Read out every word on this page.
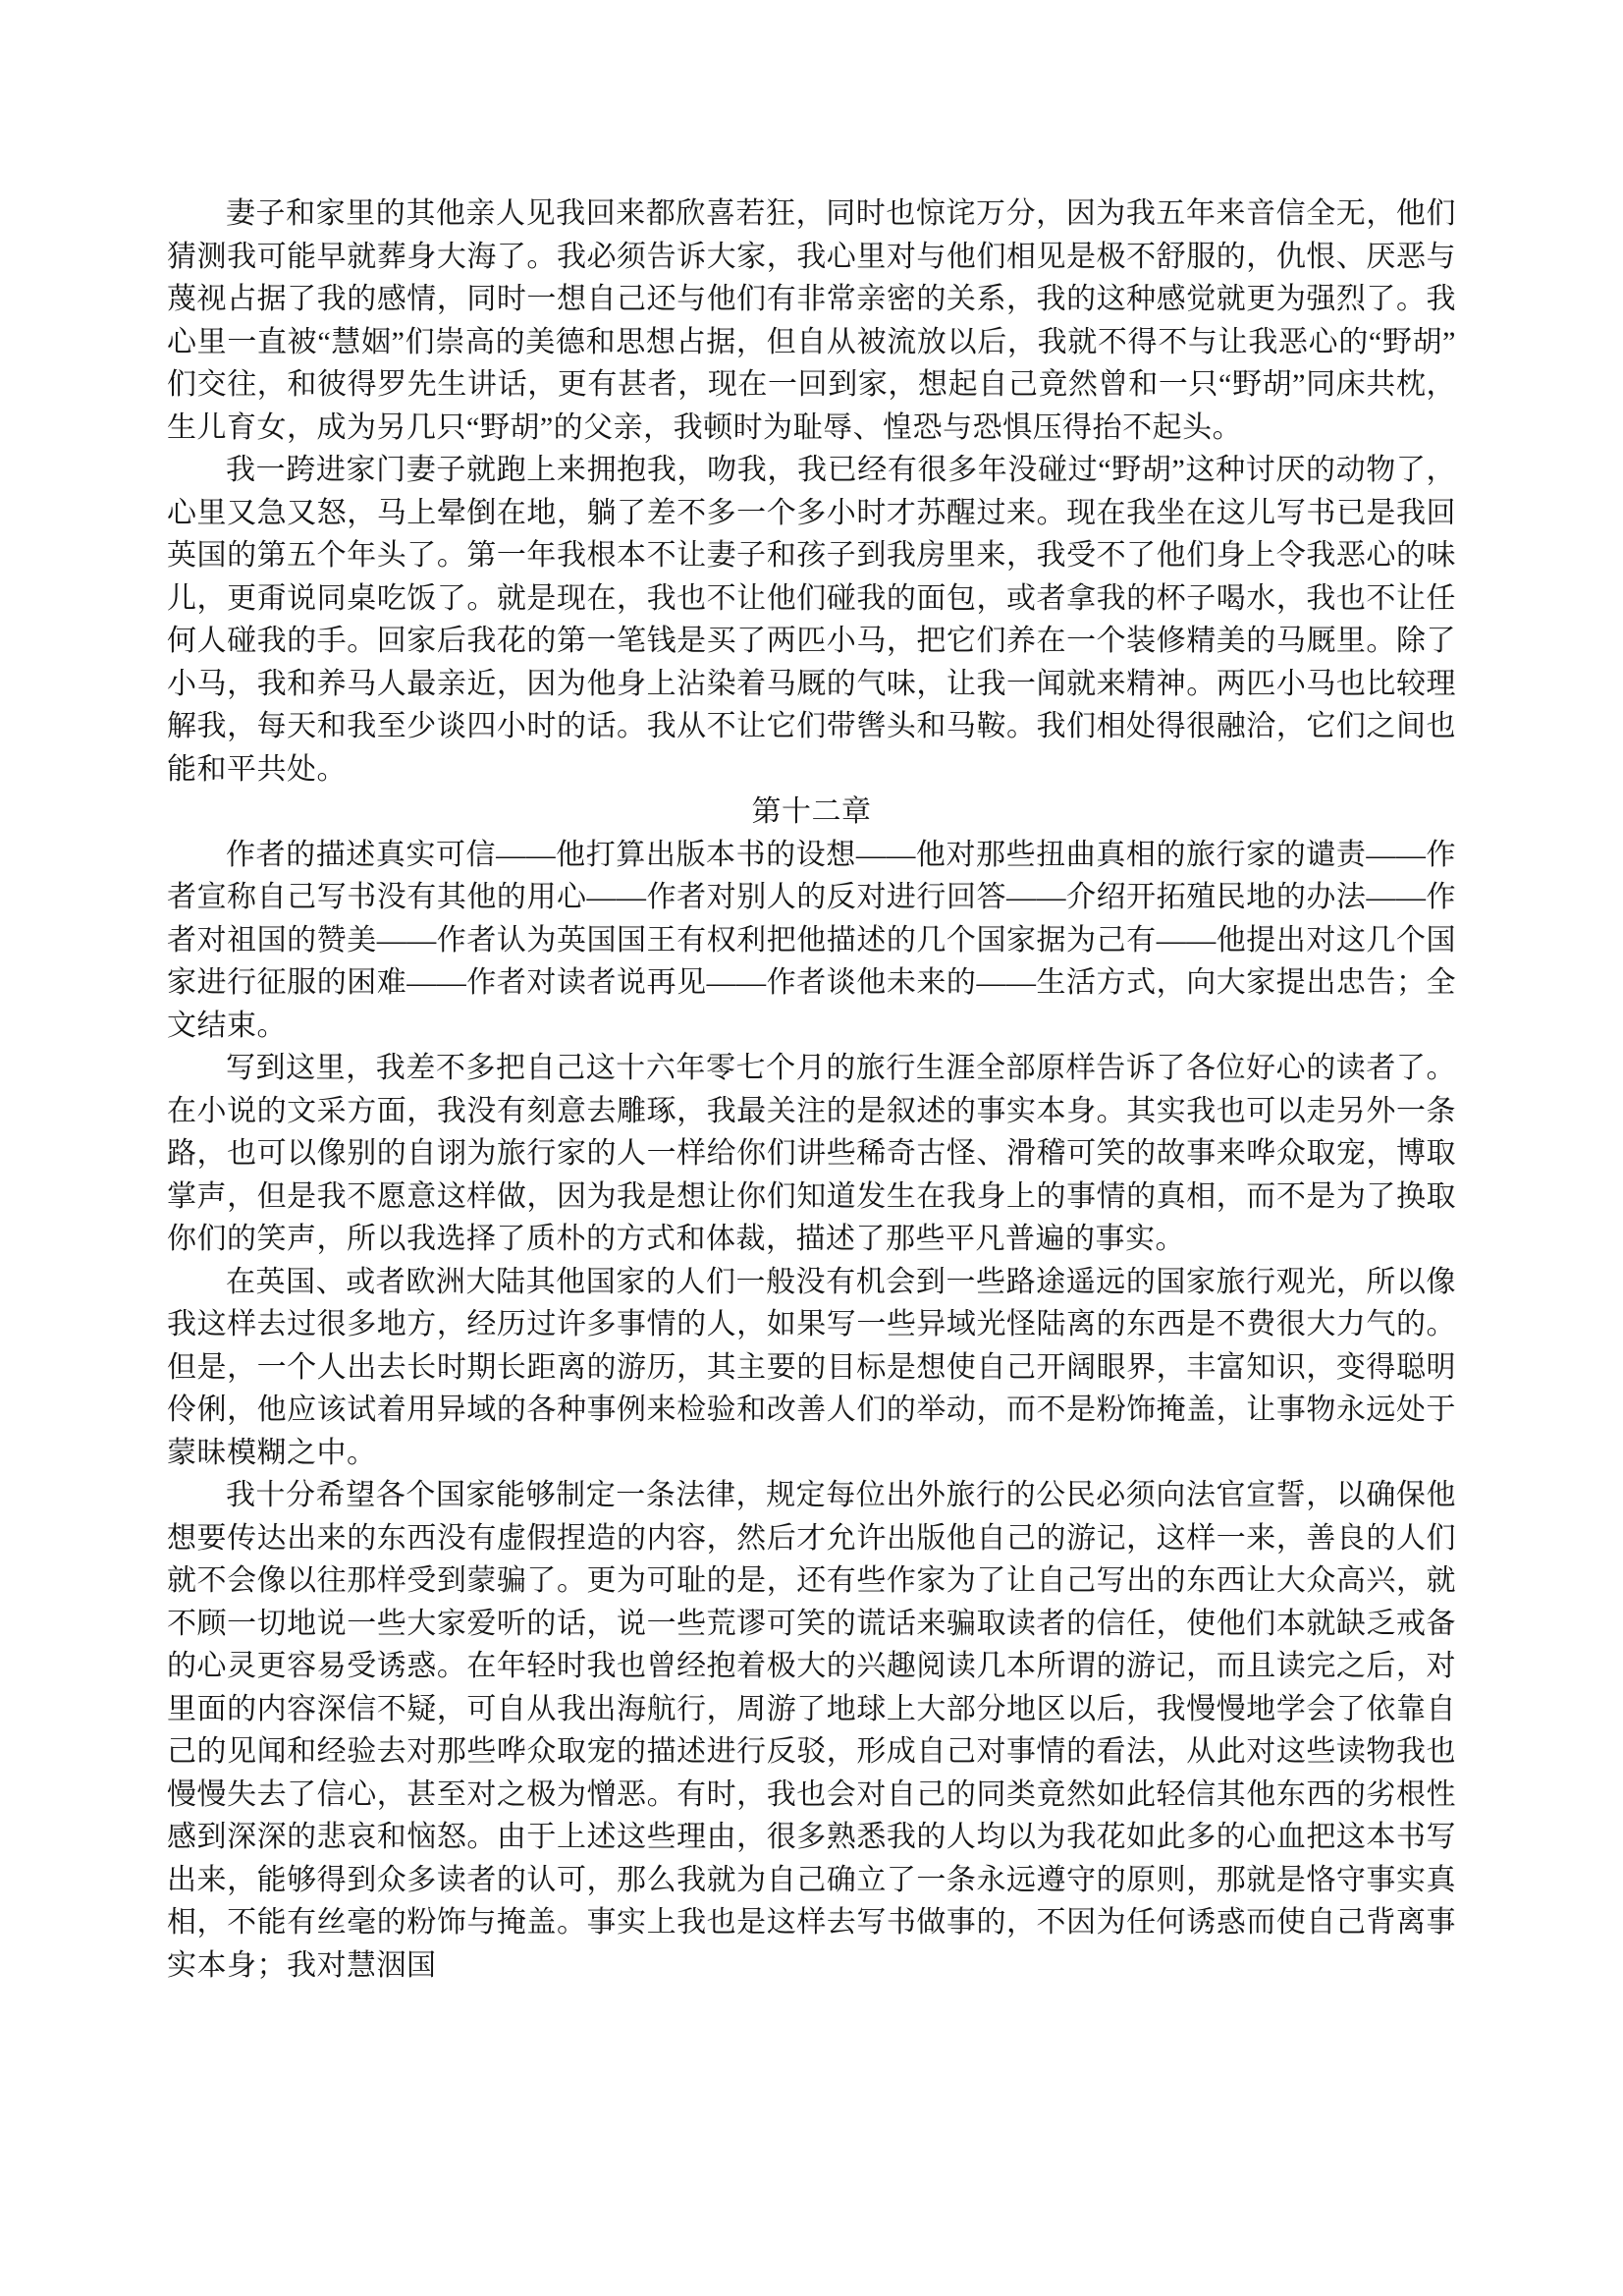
妻子和家里的其他亲人见我回来都欣喜若狂，同时也惊诧万分，因为我五年来音信全无，他们猜测我可能早就葬身大海了。我必须告诉大家，我心里对与他们相见是极不舒服的，仇恨、厌恶与蔑视占据了我的感情，同时一想自己还与他们有非常亲密的关系，我的这种感觉就更为强烈了。我心里一直被“慧姻”们崇高的美德和思想占据，但自从被流放以后，我就不得不与让我恶心的“野胡”们交往，和彼得罗先生讲话，更有甚者，现在一回到家，想起自己竟然曾和一只“野胡”同床共枕，生儿育女，成为另几只“野胡”的父亲，我顿时为耻辱、惶恐与恐惧压得抬不起头。

我一跨进家门妻子就跑上来拥抱我，吻我，我已经有很多年没碰过“野胡”这种讨厌的动物了，心里又急又怒，马上晕倒在地，躺了差不多一个多小时才苏醒过来。现在我坐在这儿写书已是我回英国的第五个年头了。第一年我根本不让妻子和孩子到我房里来，我受不了他们身上令我恶心的味儿，更甭说同桌吃饭了。就是现在，我也不让他们碰我的面包，或者拿我的杯子喝水，我也不让任何人碰我的手。回家后我花的第一笔钱是买了两匹小马，把它们养在一个装修精美的马厩里。除了小马，我和养马人最亲近，因为他身上沾染着马厩的气味，让我一闻就来精神。两匹小马也比较理解我，每天和我至少谈四小时的话。我从不让它们带辔头和马鞍。我们相处得很融洽，它们之间也能和平共处。

第十二章

作者的描述真实可信——他打算出版本书的设想——他对那些扭曲真相的旅行家的谴责——作者宣称自己写书没有其他的用心——作者对别人的反对进行回答——介绍开拓殖民地的办法——作者对祖国的赞美——作者认为英国国王有权利把他描述的几个国家据为己有——他提出对这几个国家进行征服的困难——作者对读者说再见——作者谈他未来的——生活方式，向大家提出忠告；全文结束。

写到这里，我差不多把自己这十六年零七个月的旅行生涯全部原样告诉了各位好心的读者了。在小说的文采方面，我没有刻意去雕琢，我最关注的是叙述的事实本身。其实我也可以走另外一条路，也可以像别的自诩为旅行家的人一样给你们讲些稀奇古怪、滑稽可笑的故事来哗众取宠，博取掌声，但是我不愿意这样做，因为我是想让你们知道发生在我身上的事情的真相，而不是为了换取你们的笑声，所以我选择了质朴的方式和体裁，描述了那些平凡普遍的事实。

在英国、或者欧洲大陆其他国家的人们一般没有机会到一些路途遥远的国家旅行观光，所以像我这样去过很多地方，经历过许多事情的人，如果写一些异域光怪陆离的东西是不费很大力气的。但是，一个人出去长时期长距离的游历，其主要的目标是想使自己开阔眼界，丰富知识，变得聪明伶俐，他应该试着用异域的各种事例来检验和改善人们的举动，而不是粉饰掩盖，让事物永远处于蒙昧模糊之中。

我十分希望各个国家能够制定一条法律，规定每位出外旅行的公民必须向法官宣誓，以确保他想要传达出来的东西没有虚假捏造的内容，然后才允许出版他自己的游记，这样一来，善良的人们就不会像以往那样受到蒙骗了。更为可耻的是，还有些作家为了让自己写出的东西让大众高兴，就不顾一切地说一些大家爱听的话，说一些荒谬可笑的谎话来骗取读者的信任，使他们本就缺乏戒备的心灵更容易受诱惑。在年轻时我也曾经抱着极大的兴趣阅读几本所谓的游记，而且读完之后，对里面的内容深信不疑，可自从我出海航行，周游了地球上大部分地区以后，我慢慢地学会了依靠自己的见闻和经验去对那些哗众取宠的描述进行反驳，形成自己对事情的看法，从此对这些读物我也慢慢失去了信心，甚至对之极为憎恶。有时，我也会对自己的同类竟然如此轻信其他东西的劣根性感到深深的悲哀和恼怒。由于上述这些理由，很多熟悉我的人均以为我花如此多的心血把这本书写出来，能够得到众多读者的认可，那么我就为自己确立了一条永远遵守的原则，那就是恪守事实真相，不能有丝毫的粉饰与掩盖。事实上我也是这样去写书做事的，不因为任何诱惑而使自己背离事实本身；我对慧洇国
